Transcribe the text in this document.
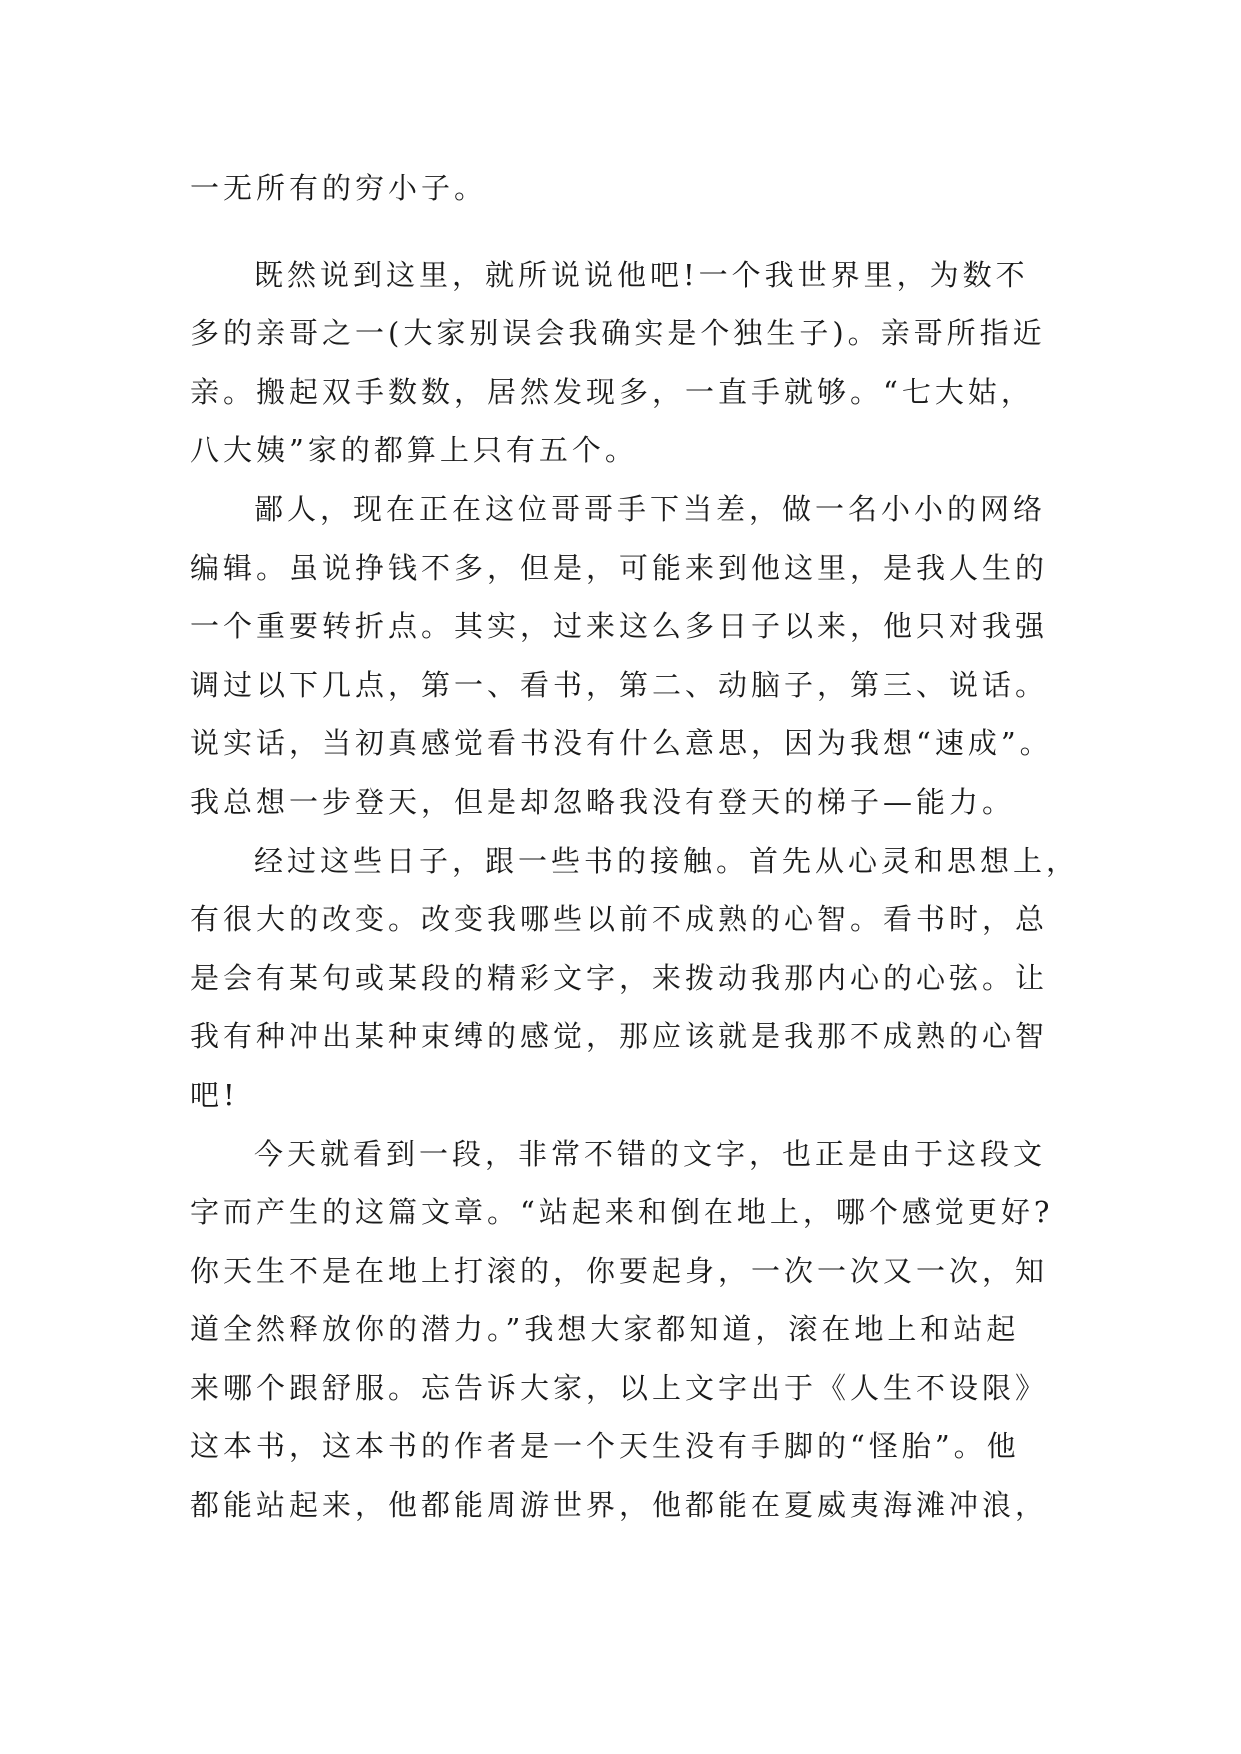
一无所有的穷小子。
既然说到这里，就所说说他吧!一个我世界里，为数不
多的亲哥之一(大家别误会我确实是个独生子)。亲哥所指近
亲。搬起双手数数，居然发现多，一直手就够。“七大姑，
八大姨”家的都算上只有五个。
鄙人，现在正在这位哥哥手下当差，做一名小小的网络
编辑。虽说挣钱不多，但是，可能来到他这里，是我人生的
一个重要转折点。其实，过来这么多日子以来，他只对我强
调过以下几点，第一、看书，第二、动脑子，第三、说话。
说实话，当初真感觉看书没有什么意思，因为我想“速成”。
我总想一步登天，但是却忽略我没有登天的梯子—能力。
经过这些日子，跟一些书的接触。首先从心灵和思想上，
有很大的改变。改变我哪些以前不成熟的心智。看书时，总
是会有某句或某段的精彩文字，来拨动我那内心的心弦。让
我有种冲出某种束缚的感觉，那应该就是我那不成熟的心智
吧!
今天就看到一段，非常不错的文字，也正是由于这段文
字而产生的这篇文章。“站起来和倒在地上，哪个感觉更好?
你天生不是在地上打滚的，你要起身，一次一次又一次，知
道全然释放你的潜力。”我想大家都知道，滚在地上和站起
来哪个跟舒服。忘告诉大家，以上文字出于《人生不设限》
这本书，这本书的作者是一个天生没有手脚的“怪胎”。他
都能站起来，他都能周游世界，他都能在夏威夷海滩冲浪，
